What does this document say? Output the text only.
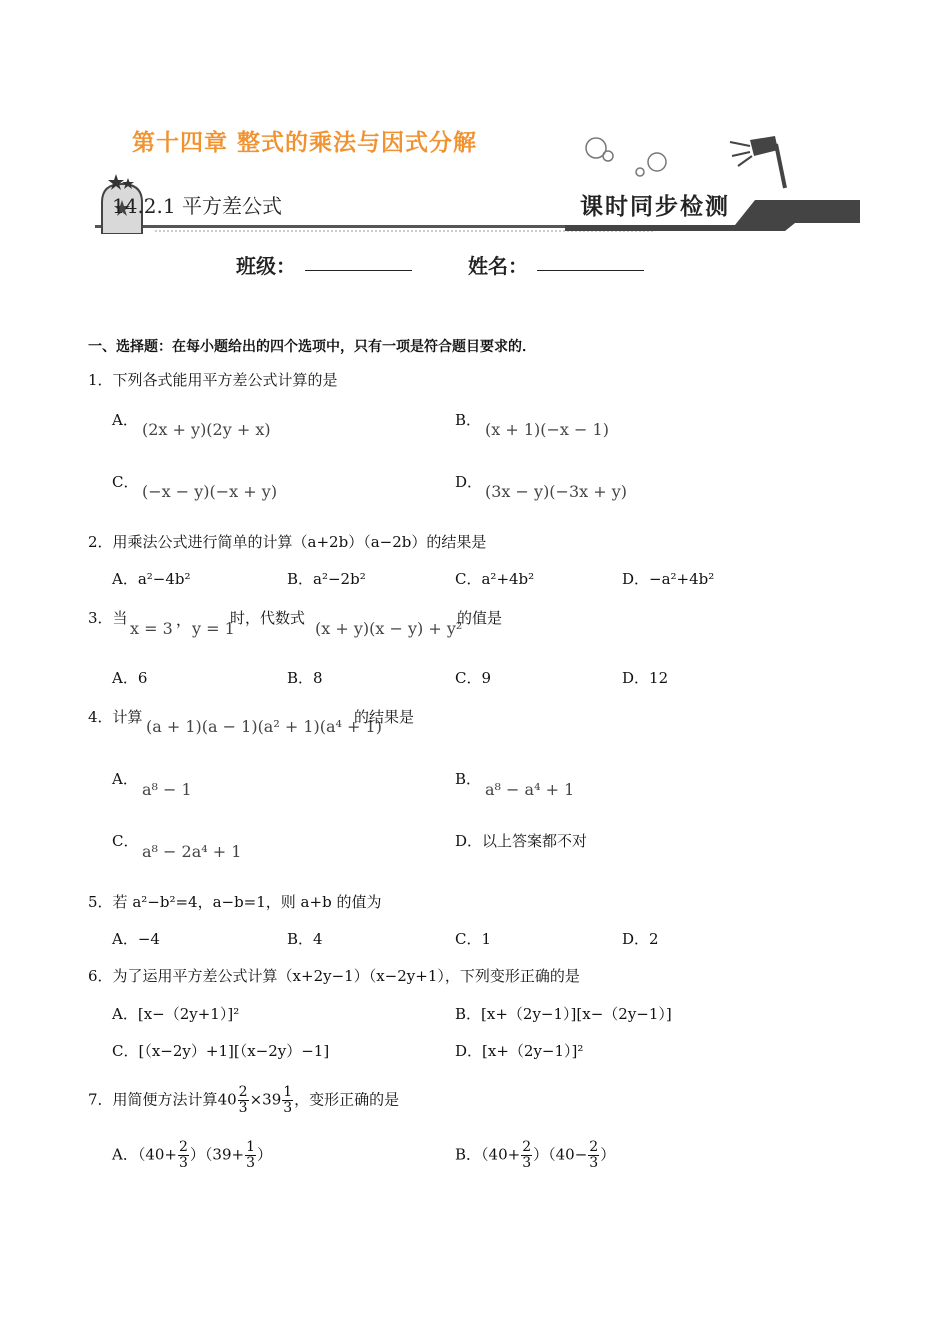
第十四章 整式的乘法与因式分解
14.2.1 平方差公式	课时同步检测
班级：	姓名：
一、选择题：在每小题给出的四个选项中，只有一项是符合题目要求的．
1．下列各式能用平方差公式计算的是
A． (2x + y)(2y + x)	B． (x + 1)(−x − 1)
C． (−x − y)(−x + y)	D． (3x − y)(−3x + y)
2．用乘法公式进行简单的计算（a+2b）（a−2b）的结果是
A．a²−4b²	B．a²−2b²	C．a²+4b²	D．−a²+4b²
3．当
x = 3 ， y = 1
时，代数式
(x + y)(x − y) + y²
的值是
A．6	B．8	C．9	D．12
4．计算 (a + 1)(a − 1)(a² + 1)(a⁴ + 1)
的结果是
A．
a⁸ − 1
B．
a⁸ − a⁴ + 1
C．
a⁸ − 2a⁴ + 1
D．以上答案都不对
5．若 a²−b²=4，a−b=1，则 a+b 的值为
A．−4	B．4	C．1	D．2
6．为了运用平方差公式计算（x+2y−1）（x−2y+1），下列变形正确的是
A．[x−（2y+1）]²	B．[x+（2y−1）][x−（2y−1）]
C．[（x−2y）+1][（x−2y）−1]	D．[x+（2y−1）]²
7．用简便方法计算$40 \frac{2}{3} \times 39 \frac{1}{3}$ ，变形正确的是
A．$(40+ \frac{2}{3} )(39+ \frac{1}{3}$ ）	B．$(40+ \frac{2}{3} )(40- \frac{2}{3}$ ）
